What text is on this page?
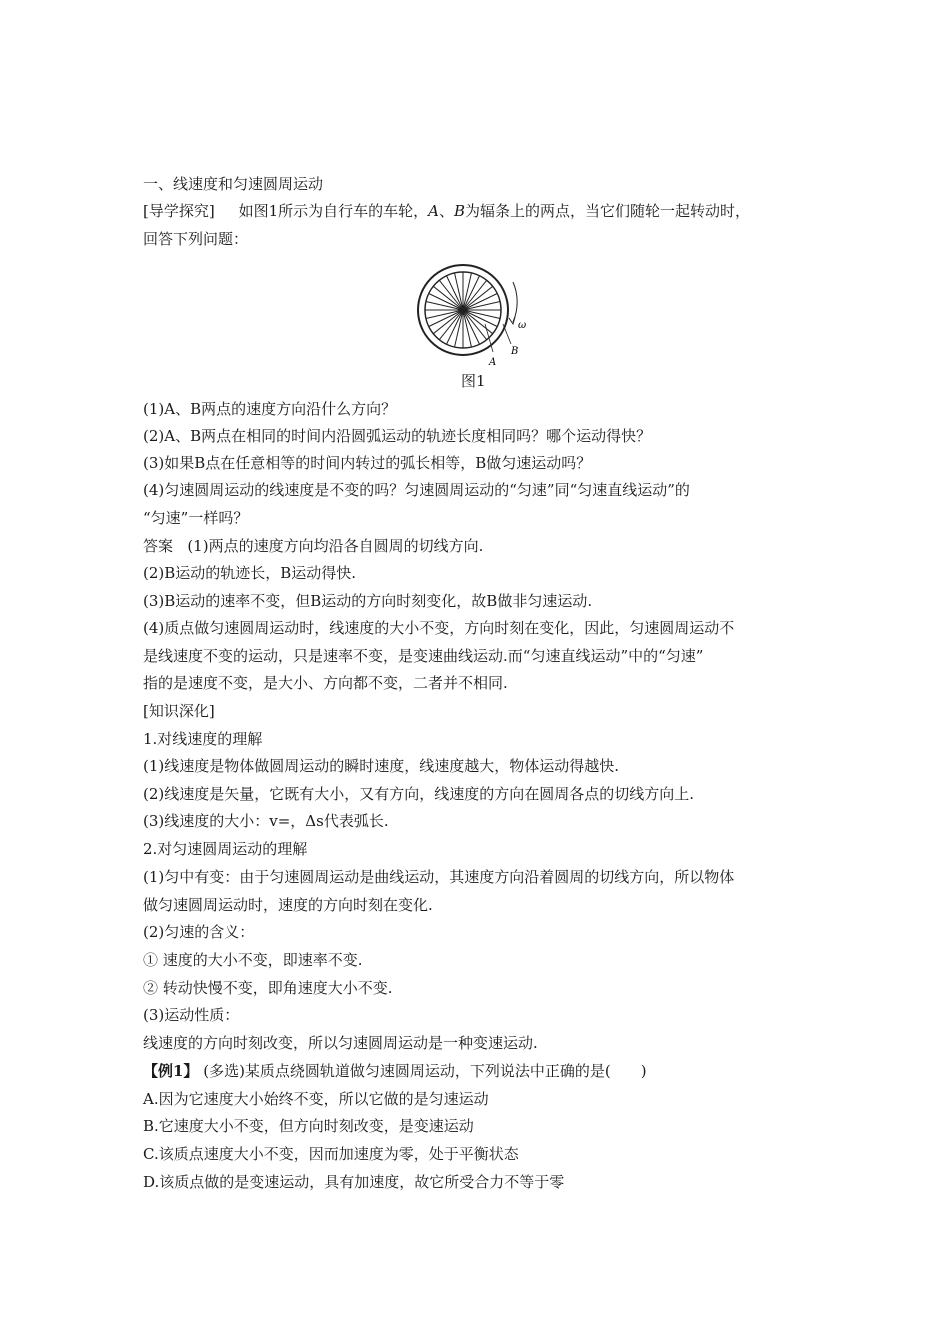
一、线速度和匀速圆周运动
[导学探究] 如图1所示为自行车的车轮，A、B为辐条上的两点，当它们随轮一起转动时，
回答下列问题：
ω
A
B
图1
(1)A、B两点的速度方向沿什么方向？
(2)A、B两点在相同的时间内沿圆弧运动的轨迹长度相同吗？哪个运动得快？
(3)如果B点在任意相等的时间内转过的弧长相等，B做匀速运动吗？
(4)匀速圆周运动的线速度是不变的吗？匀速圆周运动的“匀速”同“匀速直线运动”的
“匀速”一样吗？
答案 (1)两点的速度方向均沿各自圆周的切线方向.
(2)B运动的轨迹长，B运动得快.
(3)B运动的速率不变，但B运动的方向时刻变化，故B做非匀速运动.
(4)质点做匀速圆周运动时，线速度的大小不变，方向时刻在变化，因此，匀速圆周运动不
是线速度不变的运动，只是速率不变，是变速曲线运动.而“匀速直线运动”中的“匀速”
指的是速度不变，是大小、方向都不变，二者并不相同.
[知识深化]
1.对线速度的理解
(1)线速度是物体做圆周运动的瞬时速度，线速度越大，物体运动得越快.
(2)线速度是矢量，它既有大小，又有方向，线速度的方向在圆周各点的切线方向上.
(3)线速度的大小：v=，Δs代表弧长.
2.对匀速圆周运动的理解
(1)匀中有变：由于匀速圆周运动是曲线运动，其速度方向沿着圆周的切线方向，所以物体
做匀速圆周运动时，速度的方向时刻在变化.
(2)匀速的含义：
① 速度的大小不变，即速率不变.
② 转动快慢不变，即角速度大小不变.
(3)运动性质：
线速度的方向时刻改变，所以匀速圆周运动是一种变速运动.
【例1】 (多选)某质点绕圆轨道做匀速圆周运动，下列说法中正确的是(　　)
A.因为它速度大小始终不变，所以它做的是匀速运动
B.它速度大小不变，但方向时刻改变，是变速运动
C.该质点速度大小不变，因而加速度为零，处于平衡状态
D.该质点做的是变速运动，具有加速度，故它所受合力不等于零
